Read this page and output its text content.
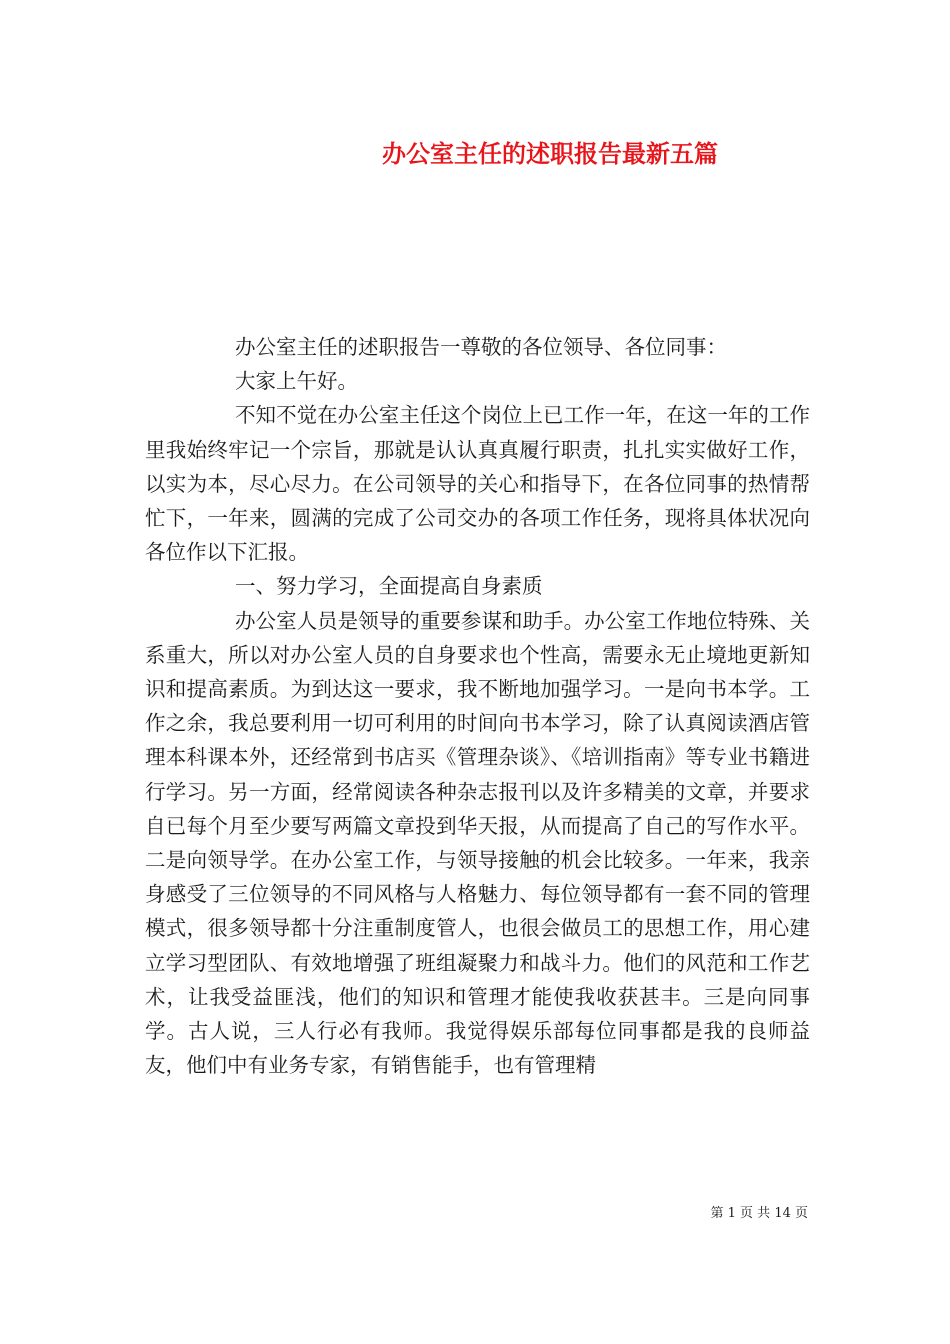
办公室主任的述职报告最新五篇

办公室主任的述职报告一尊敬的各位领导、各位同事：

大家上午好。

不知不觉在办公室主任这个岗位上已工作一年，在这一年的工作里我始终牢记一个宗旨，那就是认认真真履行职责，扎扎实实做好工作，以实为本，尽心尽力。在公司领导的关心和指导下，在各位同事的热情帮忙下，一年来，圆满的完成了公司交办的各项工作任务，现将具体状况向各位作以下汇报。

一、努力学习，全面提高自身素质

办公室人员是领导的重要参谋和助手。办公室工作地位特殊、关系重大，所以对办公室人员的自身要求也个性高，需要永无止境地更新知识和提高素质。为到达这一要求，我不断地加强学习。一是向书本学。工作之余，我总要利用一切可利用的时间向书本学习，除了认真阅读酒店管理本科课本外，还经常到书店买《管理杂谈》、《培训指南》等专业书籍进行学习。另一方面，经常阅读各种杂志报刊以及许多精美的文章，并要求自已每个月至少要写两篇文章投到华天报，从而提高了自己的写作水平。二是向领导学。在办公室工作，与领导接触的机会比较多。一年来，我亲身感受了三位领导的不同风格与人格魅力、每位领导都有一套不同的管理模式，很多领导都十分注重制度管人，也很会做员工的思想工作，用心建立学习型团队、有效地增强了班组凝聚力和战斗力。他们的风范和工作艺术，让我受益匪浅，他们的知识和管理才能使我收获甚丰。三是向同事学。古人说，三人行必有我师。我觉得娱乐部每位同事都是我的良师益友，他们中有业务专家，有销售能手，也有管理精

第 1 页 共 14 页
